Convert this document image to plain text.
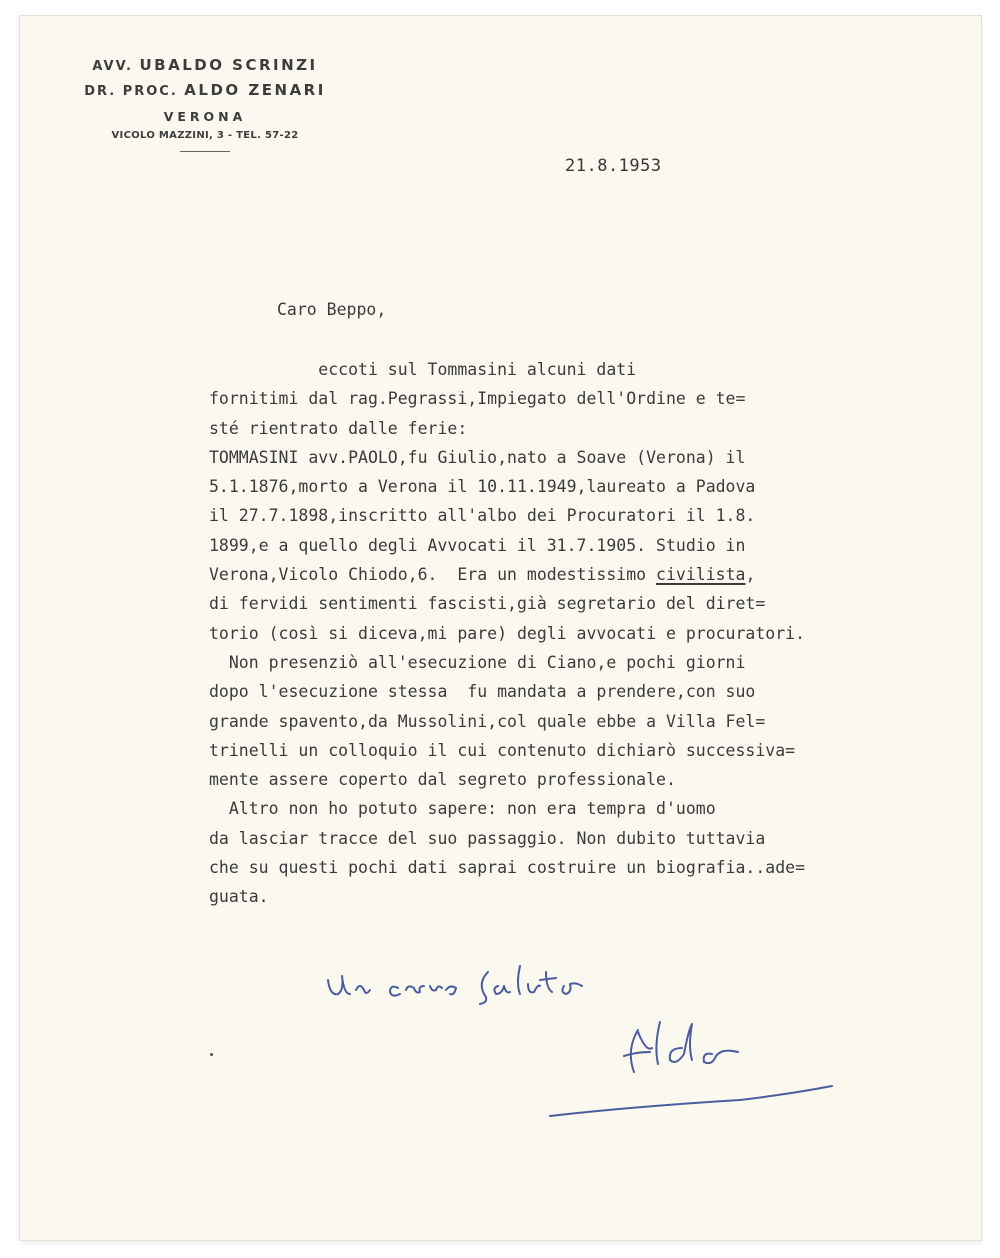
AVV. UBALDO SCRINZI
DR. PROC. ALDO ZENARI
VERONA
VICOLO MAZZINI, 3 - TEL. 57-22
21.8.1953
Caro Beppo,
eccoti sul Tommasini alcuni dati
fornitimi dal rag.Pegrassi,Impiegato dell'Ordine e te=
sté rientrato dalle ferie:
TOMMASINI avv.PAOLO,fu Giulio,nato a Soave (Verona) il
5.1.1876,morto a Verona il 10.11.1949,laureato a Padova
il 27.7.1898,inscritto all'albo dei Procuratori il 1.8.
1899,e a quello degli Avvocati il 31.7.1905. Studio in
Verona,Vicolo Chiodo,6.  Era un modestissimo civilista,
di fervidi sentimenti fascisti,già segretario del diret=
torio (così si diceva,mi pare) degli avvocati e procuratori.
Non presenziò all'esecuzione di Ciano,e pochi giorni
dopo l'esecuzione stessa  fu mandata a prendere,con suo
grande spavento,da Mussolini,col quale ebbe a Villa Fel=
trinelli un colloquio il cui contenuto dichiarò successiva=
mente assere coperto dal segreto professionale.
Altro non ho potuto sapere: non era tempra d'uomo
da lasciar tracce del suo passaggio. Non dubito tuttavia
che su questi pochi dati saprai costruire un biografia..ade=
guata.
